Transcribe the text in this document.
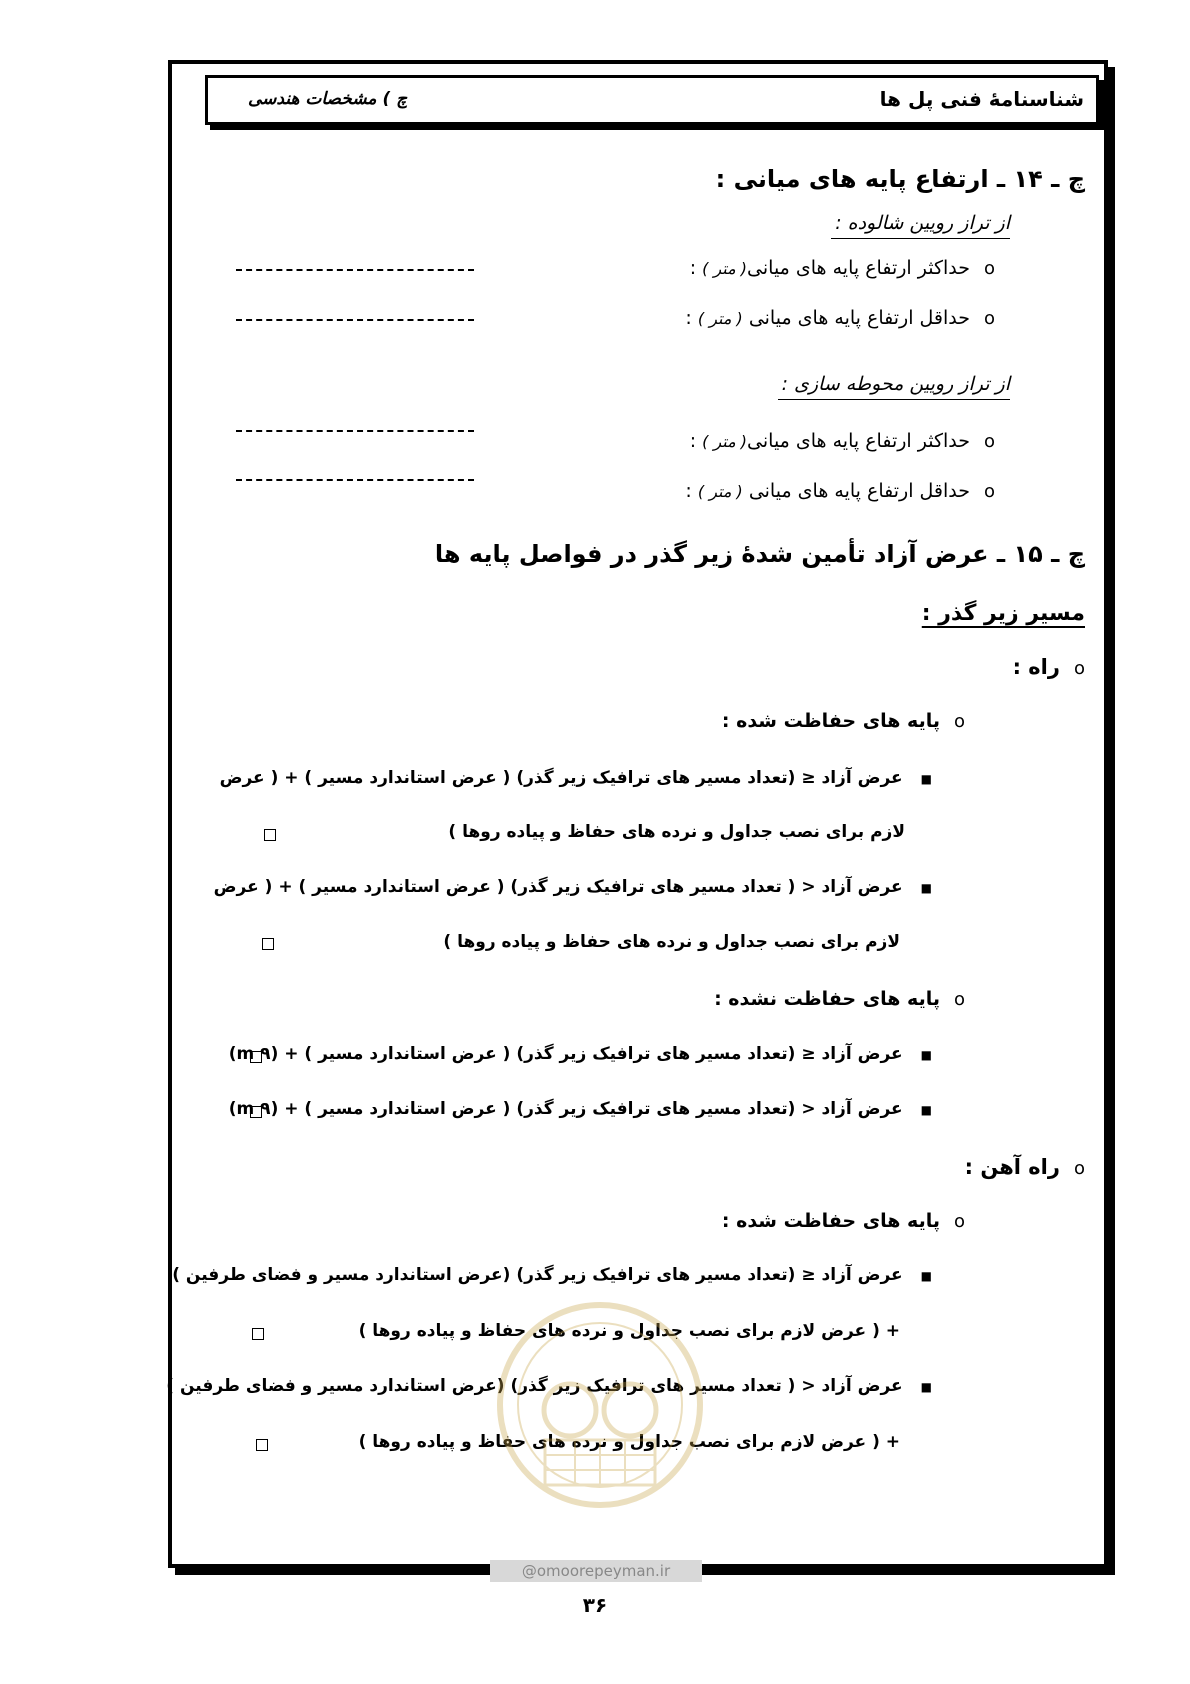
شناسنامهٔ فنی پل ها
چ ) مشخصات هندسی
چ ـ ۱۴ ـ ارتفاع پایه های میانی :
از تراز رویین شالوده :
oحداکثر ارتفاع پایه های میانی( متر ) :
oحداقل ارتفاع پایه های میانی ( متر ) :
از تراز رویین محوطه سازی :
oحداکثر ارتفاع پایه های میانی( متر ) :
oحداقل ارتفاع پایه های میانی ( متر ) :
چ ـ ۱۵ ـ عرض آزاد تأمین شدهٔ زیر گذر در فواصل پایه ها
مسیر زیر گذر :
oراه :
oپایه های حفاظت شده :
■عرض آزاد ≤ (تعداد مسیر های ترافیک زیر گذر) ( عرض استاندارد مسیر ) + ( عرض
لازم برای نصب جداول و نرده های حفاظ و پیاده روها )
■عرض آزاد < ( تعداد مسیر های ترافیک زیر گذر) ( عرض استاندارد مسیر ) + ( عرض
لازم برای نصب جداول و نرده های حفاظ و پیاده روها )
oپایه های حفاظت نشده :
■عرض آزاد ≤ (تعداد مسیر های ترافیک زیر گذر) ( عرض استاندارد مسیر ) + (۹ m)
■عرض آزاد < (تعداد مسیر های ترافیک زیر گذر) ( عرض استاندارد مسیر ) + (۹ m)
oراه آهن :
oپایه های حفاظت شده :
■عرض آزاد ≤ (تعداد مسیر های ترافیک زیر گذر) (عرض استاندارد مسیر و فضای طرفین )
+ ( عرض لازم برای نصب جداول و نرده های حفاظ و پیاده روها )
■عرض آزاد < ( تعداد مسیر های ترافیک زیر گذر) (عرض استاندارد مسیر و فضای طرفین )
+ ( عرض لازم برای نصب جداول و نرده های حفاظ و پیاده روها )
@omoorepeyman.ir
۳۶
